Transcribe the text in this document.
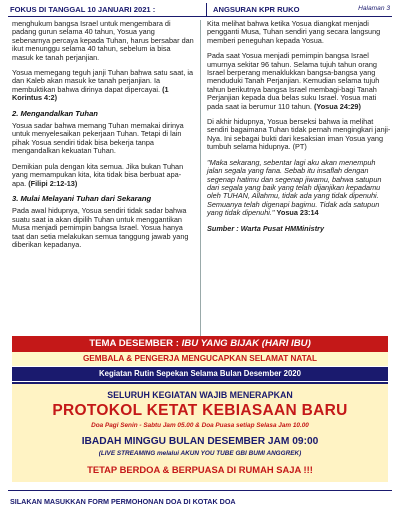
FOKUS DI TANGGAL 10 JANUARI 2021 :	ANGSURAN KPR RUKO	Halaman 3

menghukum bangsa Israel untuk mengembara di padang gurun selama 40 tahun, Yosua yang sebenarnya percaya kepada Tuhan, harus bersabar dan ikut menunggu selama 40 tahun, sebelum ia bisa masuk ke tanah perjanjian.

Yosua memegang teguh janji Tuhan bahwa satu saat, ia dan Kaleb akan masuk ke tanah perjanjian. Ia membuktikan bahwa dirinya dapat dipercayai. (1 Korintus 4:2)

2. Mengandalkan Tuhan

Yosua sadar bahwa memang Tuhan memakai dirinya untuk menyelesaikan pekerjaan Tuhan. Tetapi di lain pihak Yosua sendiri tidak bisa bekerja tanpa mengandalkan kekuatan Tuhan.

Demikian pula dengan kita semua. Jika bukan Tuhan yang memampukan kita, kita tidak bisa berbuat apa-apa. (Filipi 2:12-13)

3. Mulai Melayani Tuhan dari Sekarang

Pada awal hidupnya, Yosua sendiri tidak sadar bahwa suatu saat ia akan dipilih Tuhan untuk menggantikan Musa menjadi pemimpin bangsa Israel. Yosua hanya taat dan setia melakukan semua tanggung jawab yang diberikan kepadanya.

Kita melihat bahwa ketika Yosua diangkat menjadi pengganti Musa, Tuhan sendiri yang secara langsung memberi peneguhan kepada Yosua.

Pada saat Yosua menjadi pemimpin bangsa Israel umurnya sekitar 96 tahun. Selama tujuh tahun orang Israel berperang menaklukkan bangsa-bangsa yang menduduki Tanah Perjanjian. Kemudian selama tujuh tahun berikutnya bangsa Israel membagi-bagi Tanah Perjanjian kepada dua belas suku Israel. Yosua mati pada saat ia berumur 110 tahun. (Yosua 24:29)

Di akhir hidupnya, Yosua berseksi bahwa ia melihat sendiri bagaimana Tuhan tidak pernah mengingkari janji-Nya. Ini sebagai bukti dari kesaksian iman Yosua yang tumbuh selama hidupnya. (PT)

"Maka sekarang, sebentar lagi aku akan menempuh jalan segala yang fana. Sebab itu insaflah dengan segenap hatimu dan segenap jiwamu, bahwa satupun dari segala yang baik yang telah dijanjikan kepadamu oleh TUHAN, Allahmu, tidak ada yang tidak dipenuhi. Semuanya telah digenapi bagimu. Tidak ada satupun yang tidak dipenuhi." Yosua 23:14

Sumber : Warta Pusat HMMinistry

TEMA DESEMBER : IBU YANG BIJAK (HARI IBU)
GEMBALA & PENGERJA MENGUCAPKAN SELAMAT NATAL
Kegiatan Rutin Sepekan Selama Bulan Desember 2020
SELURUH KEGIATAN WAJIB MENERAPKAN
PROTOKOL KETAT KEBIASAAN BARU
Doa Pagi Senin - Sabtu Jam 05.00 & Doa Puasa setiap Selasa Jam 10.00
IBADAH MINGGU BULAN DESEMBER JAM 09:00
(LIVE STREAMING melalui AKUN YOU TUBE GBI BUMI ANGGREK)
TETAP BERDOA & BERPUASA DI RUMAH SAJA !!!
SILAKAN MASUKKAN FORM PERMOHONAN DOA DI KOTAK DOA
